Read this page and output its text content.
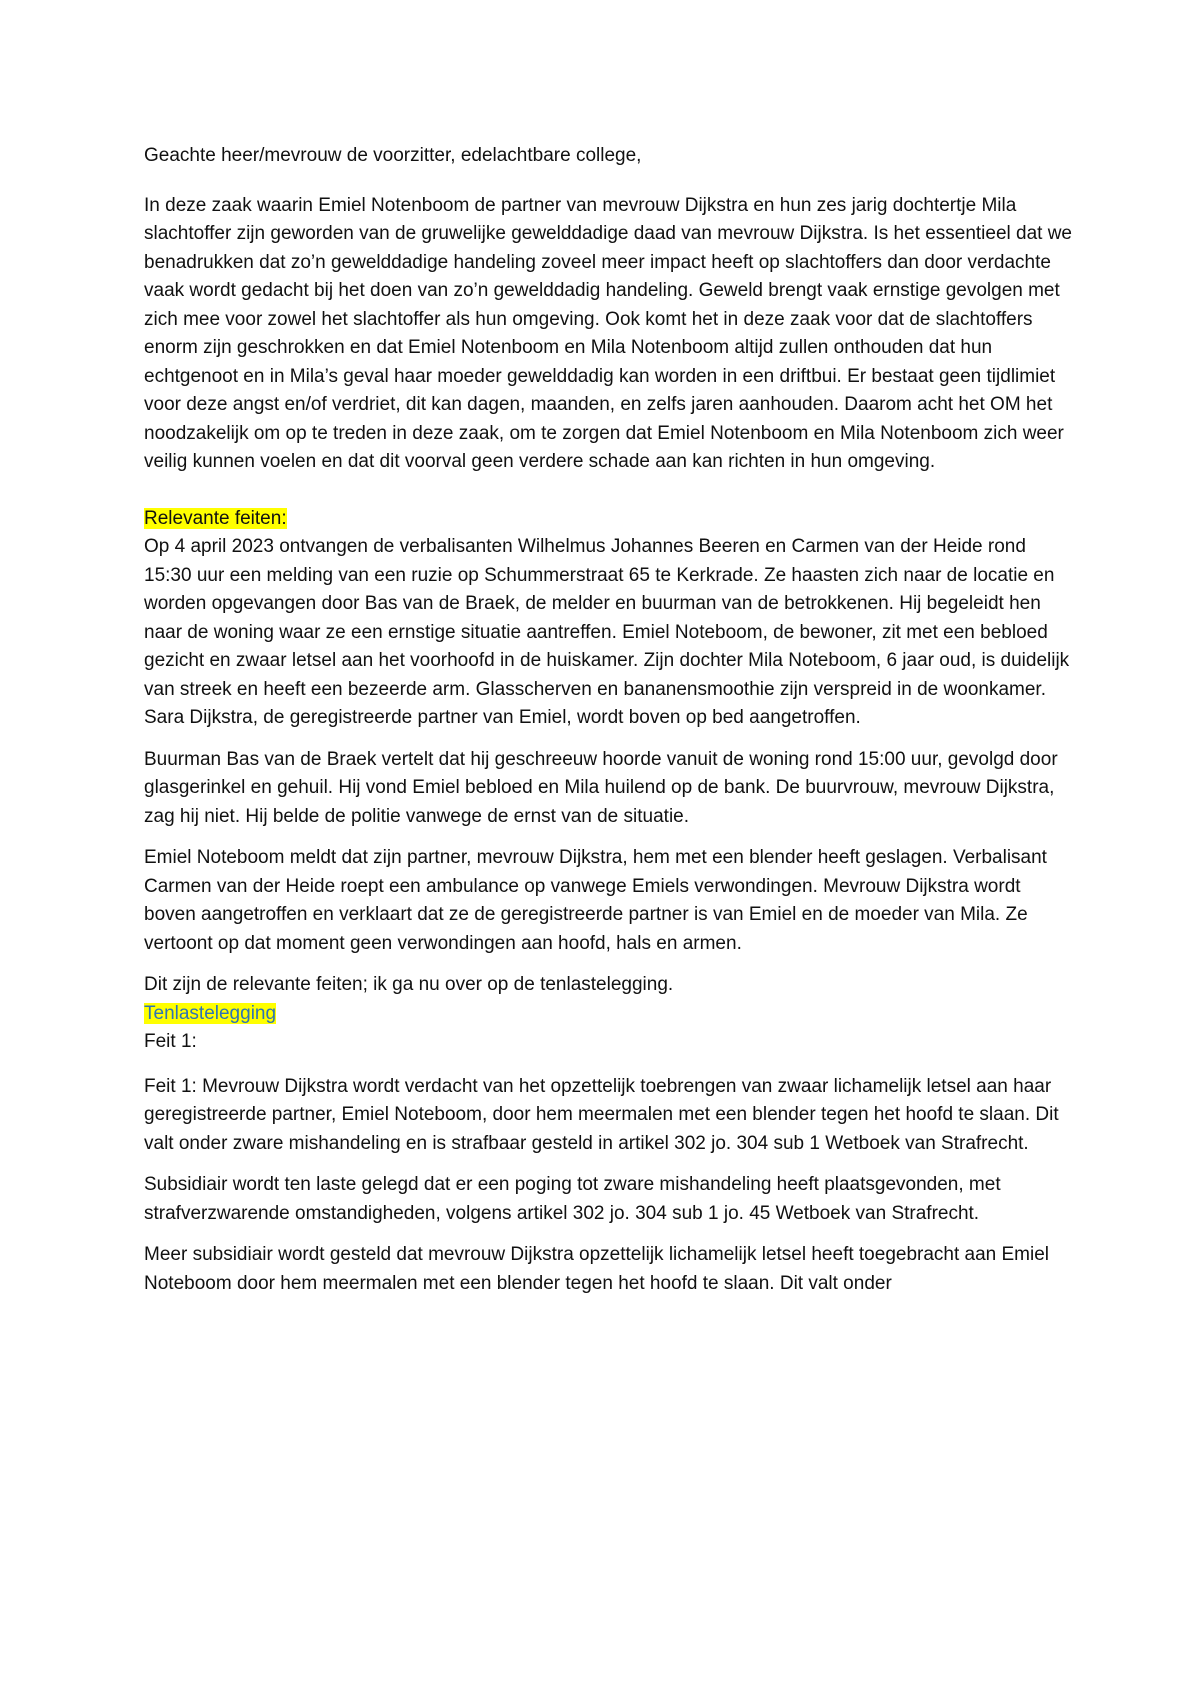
Geachte heer/mevrouw de voorzitter, edelachtbare college,

In deze zaak waarin Emiel Notenboom de partner van mevrouw Dijkstra en hun zes jarig dochtertje Mila slachtoffer zijn geworden van de gruwelijke gewelddadige daad van mevrouw Dijkstra. Is het essentieel dat we benadrukken dat zo’n gewelddadige handeling zoveel meer impact heeft op slachtoffers dan door verdachte vaak wordt gedacht bij het doen van zo’n gewelddadig handeling. Geweld brengt vaak ernstige gevolgen met zich mee voor zowel het slachtoffer als hun omgeving. Ook komt het in deze zaak voor dat de slachtoffers enorm zijn geschrokken en dat Emiel Notenboom en Mila Notenboom altijd zullen onthouden dat hun echtgenoot en in Mila’s geval haar moeder gewelddadig kan worden in een driftbui. Er bestaat geen tijdlimiet voor deze angst en/of verdriet, dit kan dagen, maanden, en zelfs jaren aanhouden. Daarom acht het OM het noodzakelijk om op te treden in deze zaak, om te zorgen dat Emiel Notenboom en Mila Notenboom zich weer veilig kunnen voelen en dat dit voorval geen verdere schade aan kan richten in hun omgeving.

Relevante feiten:

Op 4 april 2023 ontvangen de verbalisanten Wilhelmus Johannes Beeren en Carmen van der Heide rond 15:30 uur een melding van een ruzie op Schummerstraat 65 te Kerkrade. Ze haasten zich naar de locatie en worden opgevangen door Bas van de Braek, de melder en buurman van de betrokkenen. Hij begeleidt hen naar de woning waar ze een ernstige situatie aantreffen. Emiel Noteboom, de bewoner, zit met een bebloed gezicht en zwaar letsel aan het voorhoofd in de huiskamer. Zijn dochter Mila Noteboom, 6 jaar oud, is duidelijk van streek en heeft een bezeerde arm. Glasscherven en bananensmoothie zijn verspreid in de woonkamer. Sara Dijkstra, de geregistreerde partner van Emiel, wordt boven op bed aangetroffen.

Buurman Bas van de Braek vertelt dat hij geschreeuw hoorde vanuit de woning rond 15:00 uur, gevolgd door glasgerinkel en gehuil. Hij vond Emiel bebloed en Mila huilend op de bank. De buurvrouw, mevrouw Dijkstra, zag hij niet. Hij belde de politie vanwege de ernst van de situatie.

Emiel Noteboom meldt dat zijn partner, mevrouw Dijkstra, hem met een blender heeft geslagen. Verbalisant Carmen van der Heide roept een ambulance op vanwege Emiels verwondingen. Mevrouw Dijkstra wordt boven aangetroffen en verklaart dat ze de geregistreerde partner is van Emiel en de moeder van Mila. Ze vertoont op dat moment geen verwondingen aan hoofd, hals en armen.

Dit zijn de relevante feiten; ik ga nu over op de tenlastelegging.

Tenlastelegging

Feit 1:

Feit 1: Mevrouw Dijkstra wordt verdacht van het opzettelijk toebrengen van zwaar lichamelijk letsel aan haar geregistreerde partner, Emiel Noteboom, door hem meermalen met een blender tegen het hoofd te slaan. Dit valt onder zware mishandeling en is strafbaar gesteld in artikel 302 jo. 304 sub 1 Wetboek van Strafrecht.

Subsidiair wordt ten laste gelegd dat er een poging tot zware mishandeling heeft plaatsgevonden, met strafverzwarende omstandigheden, volgens artikel 302 jo. 304 sub 1 jo. 45 Wetboek van Strafrecht.

Meer subsidiair wordt gesteld dat mevrouw Dijkstra opzettelijk lichamelijk letsel heeft toegebracht aan Emiel Noteboom door hem meermalen met een blender tegen het hoofd te slaan. Dit valt onder
